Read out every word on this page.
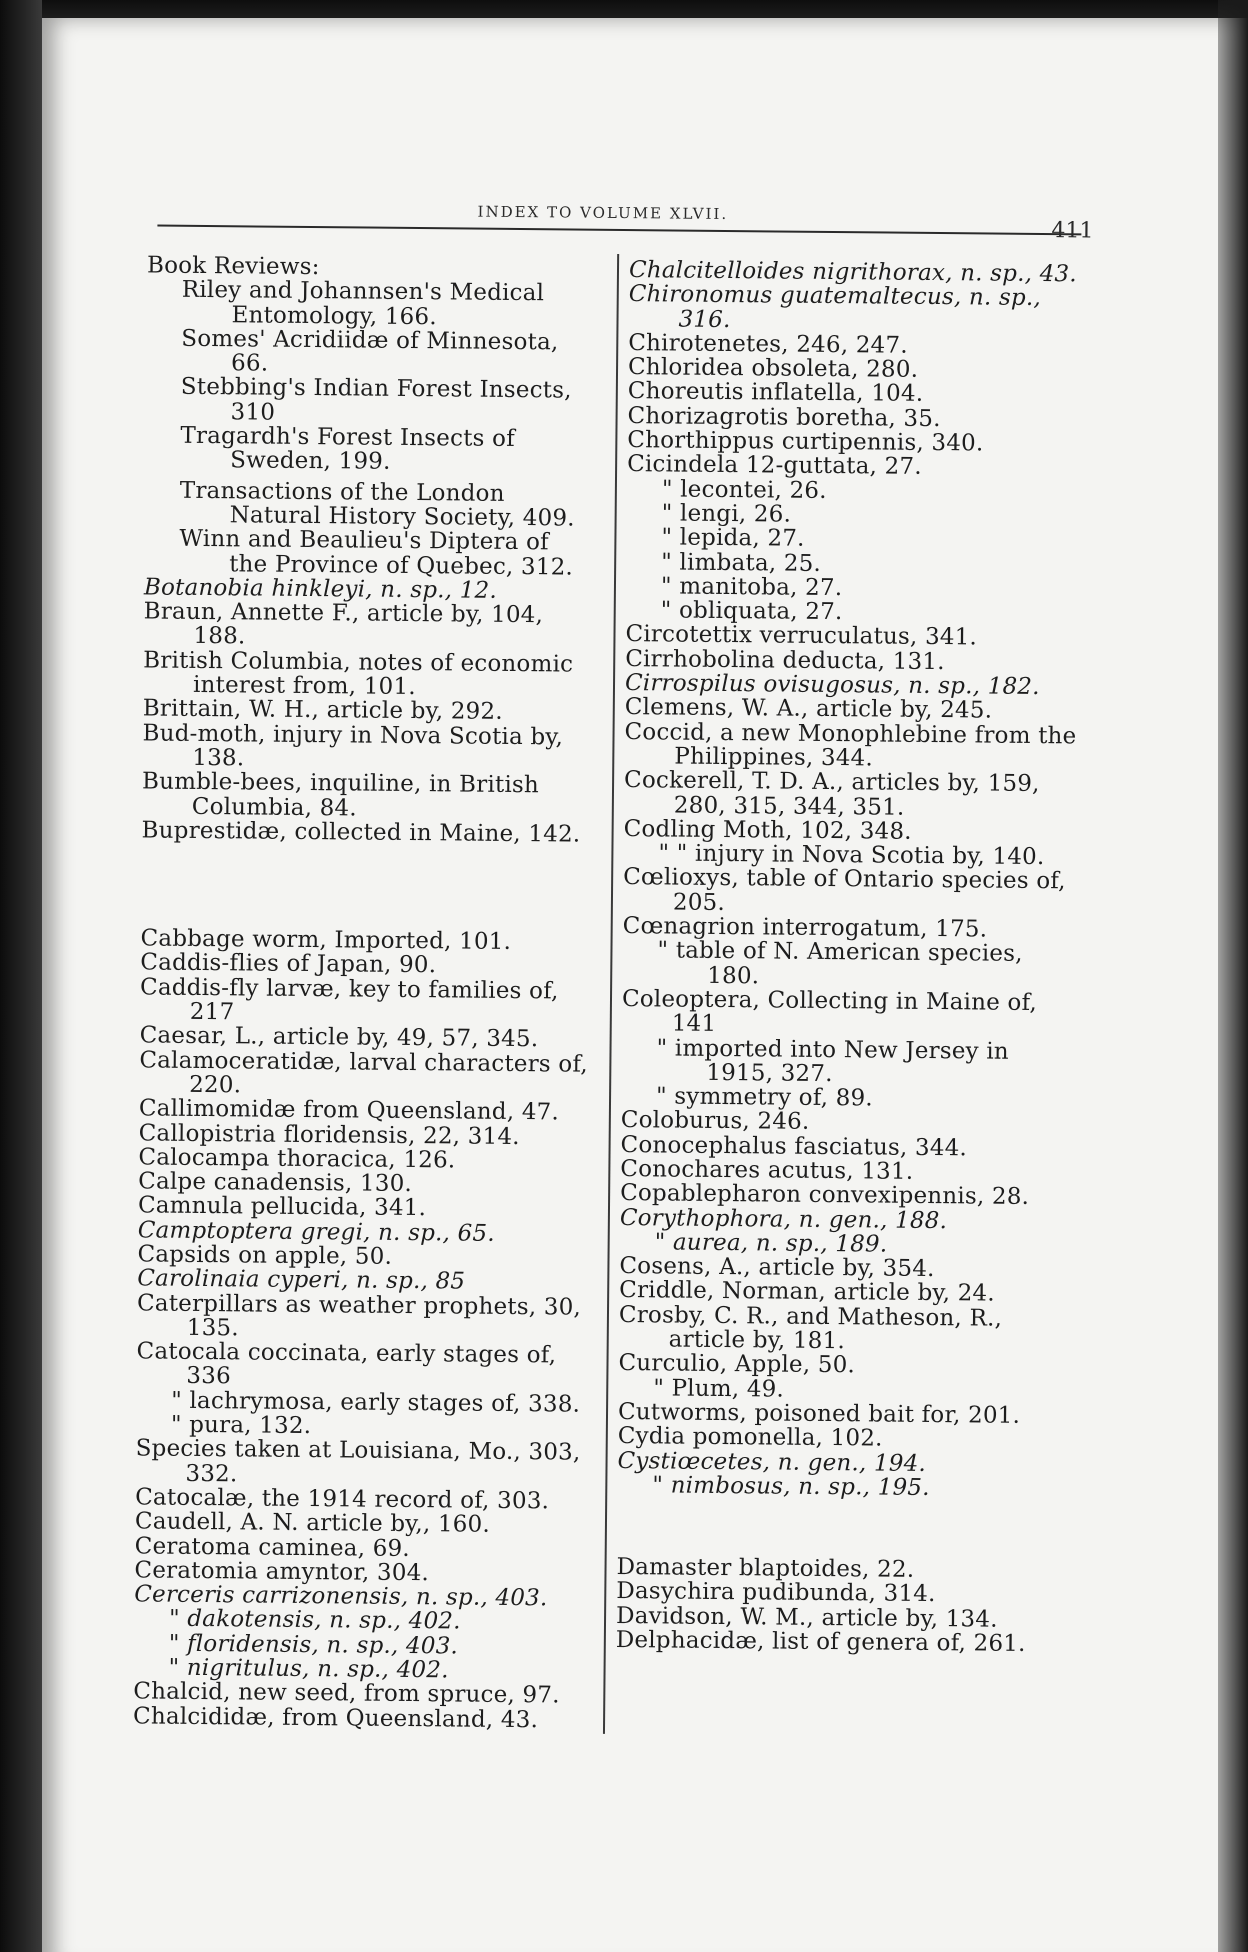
INDEX TO VOLUME XLVII.
411

Book Reviews:

Riley and Johannsen's Medical Entomology, 166.

Somes' Acridiidæ of Minnesota, 66.

Stebbing's Indian Forest Insects, 310

Tragardh's Forest Insects of Sweden, 199.

Transactions of the London Natural History Society, 409.

Winn and Beaulieu's Diptera of the Province of Quebec, 312.

Botanobia hinkleyi, n. sp., 12.

Braun, Annette F., article by, 104, 188.

British Columbia, notes of economic interest from, 101.

Brittain, W. H., article by, 292.

Bud-moth, injury in Nova Scotia by, 138.

Bumble-bees, inquiline, in British Columbia, 84.

Buprestidæ, collected in Maine, 142.

Cabbage worm, Imported, 101.

Caddis-flies of Japan, 90.

Caddis-fly larvæ, key to families of, 217

Caesar, L., article by, 49, 57, 345.

Calamoceratidæ, larval characters of, 220.

Callimomidæ from Queensland, 47.

Callopistria floridensis, 22, 314.

Calocampa thoracica, 126.

Calpe canadensis, 130.

Camnula pellucida, 341.

Camptoptera gregi, n. sp., 65.

Capsids on apple, 50.

Carolinaia cyperi, n. sp., 85

Caterpillars as weather prophets, 30, 135.

Catocala coccinata, early stages of, 336

" lachrymosa, early stages of, 338.

" pura, 132.

Species taken at Louisiana, Mo., 303, 332.

Catocalæ, the 1914 record of, 303.

Caudell, A. N. article by,, 160.

Ceratoma caminea, 69.

Ceratomia amyntor, 304.

Cerceris carrizonensis, n. sp., 403.

" dakotensis, n. sp., 402.

" floridensis, n. sp., 403.

" nigritulus, n. sp., 402.

Chalcid, new seed, from spruce, 97.

Chalcididæ, from Queensland, 43.

Chalcitelloides nigrithorax, n. sp., 43.

Chironomus guatemaltecus, n. sp., 316.

Chirotenetes, 246, 247.

Chloridea obsoleta, 280.

Choreutis inflatella, 104.

Chorizagrotis boretha, 35.

Chorthippus curtipennis, 340.

Cicindela 12-guttata, 27.

" lecontei, 26.

" lengi, 26.

" lepida, 27.

" limbata, 25.

" manitoba, 27.

" obliquata, 27.

Circotettix verruculatus, 341.

Cirrhobolina deducta, 131.

Cirrospilus ovisugosus, n. sp., 182.

Clemens, W. A., article by, 245.

Coccid, a new Monophlebine from the Philippines, 344.

Cockerell, T. D. A., articles by, 159, 280, 315, 344, 351.

Codling Moth, 102, 348.

" " injury in Nova Scotia by, 140.

Cœlioxys, table of Ontario species of, 205.

Cœnagrion interrogatum, 175.

" table of N. American species, 180.

Coleoptera, Collecting in Maine of, 141

" imported into New Jersey in 1915, 327.

" symmetry of, 89.

Coloburus, 246.

Conocephalus fasciatus, 344.

Conochares acutus, 131.

Copablepharon convexipennis, 28.

Corythophora, n. gen., 188.

" aurea, n. sp., 189.

Cosens, A., article by, 354.

Criddle, Norman, article by, 24.

Crosby, C. R., and Matheson, R., article by, 181.

Curculio, Apple, 50.

" Plum, 49.

Cutworms, poisoned bait for, 201.

Cydia pomonella, 102.

Cystiœcetes, n. gen., 194.

" nimbosus, n. sp., 195.

Damaster blaptoides, 22.

Dasychira pudibunda, 314.

Davidson, W. M., article by, 134.

Delphacidæ, list of genera of, 261.
